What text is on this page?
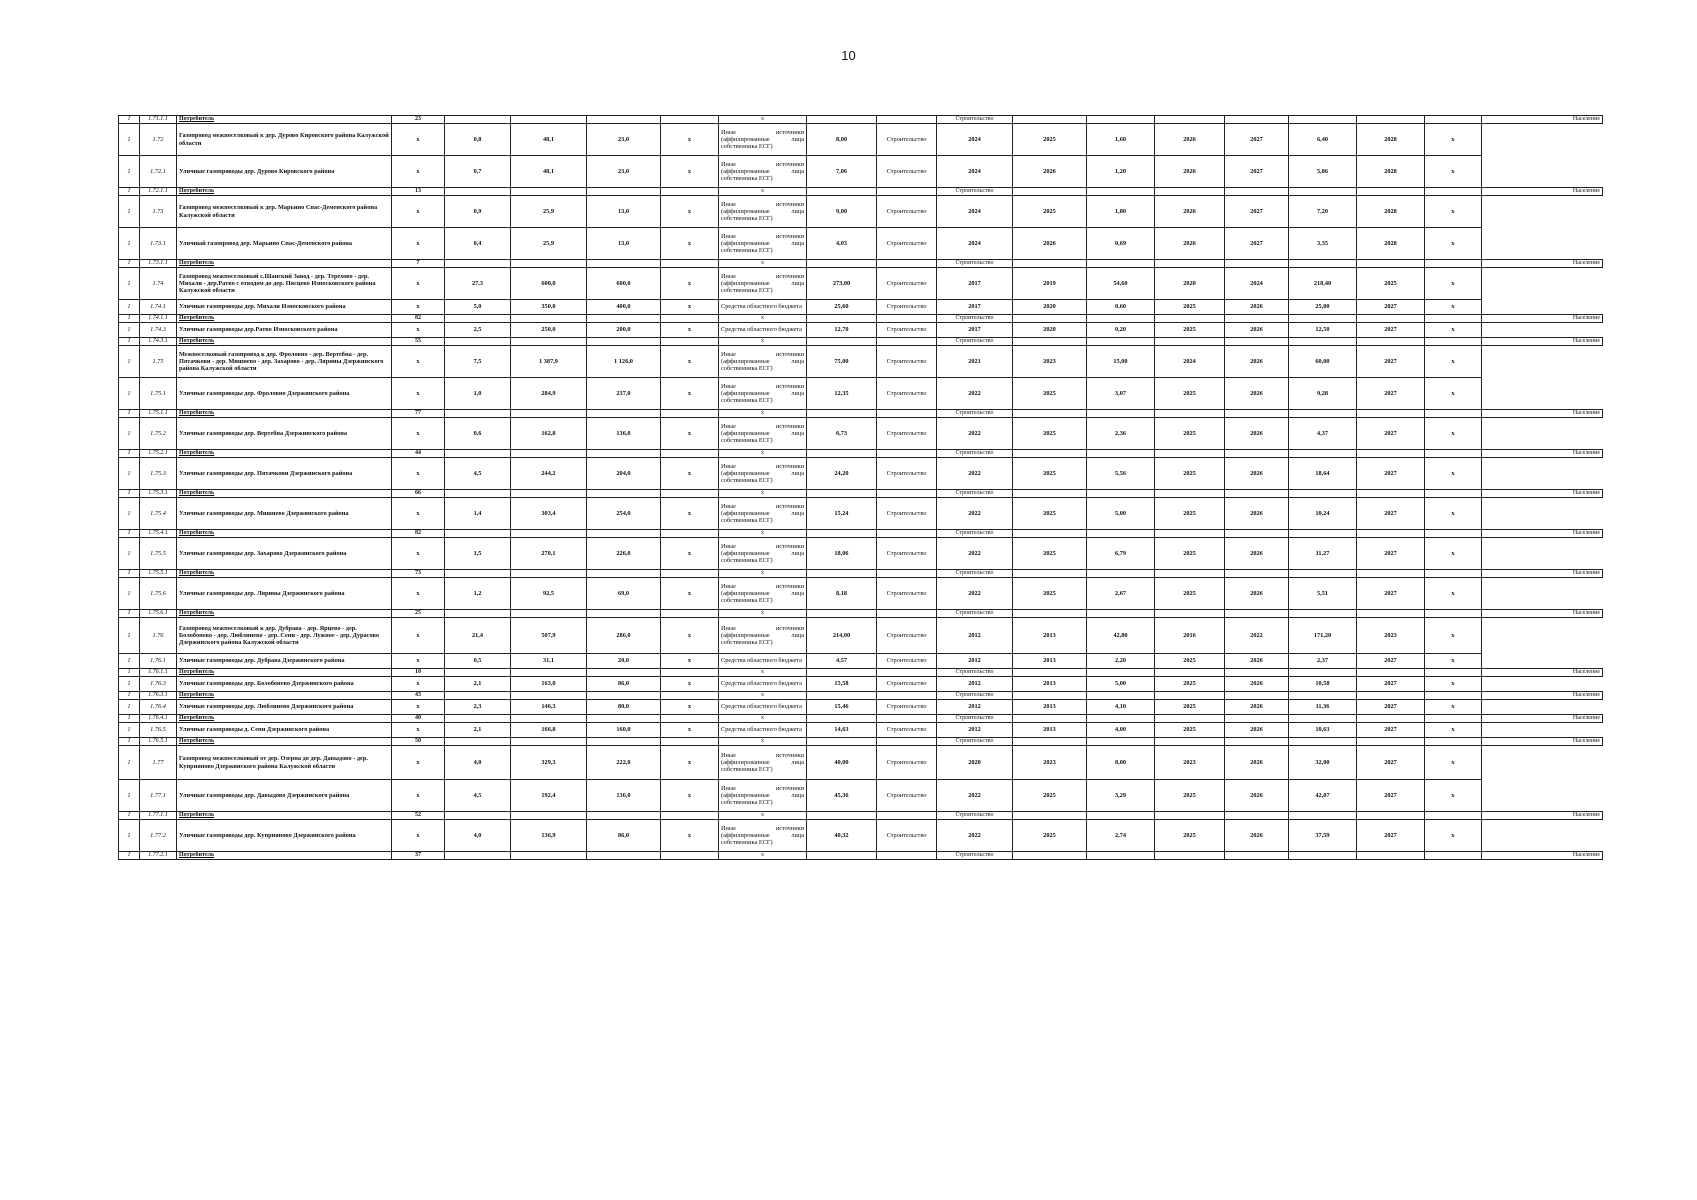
10
1	1.71.1.1	Потребитель	23					x			Строительство								Население
1	1.72	Газопровод межпоселковый к дер. Дурово Кировского района Калужской области	x	0,8	48,1	23,0	x	Иные источники (аффилированные лица собственника ЕСГ)	8,00	Строительство	2024	2025	1,60	2026	2027	6,40	2028	x	
1	1.72.1	Уличные газопроводы дер. Дурово Кировского района	x	0,7	48,1	23,0	x	Иные источники (аффилированные лица собственника ЕСГ)	7,06	Строительство	2024	2026	1,20	2026	2027	5,86	2028	x	
1	1.72.1.1	Потребитель	13					x			Строительство								Население
1	1.73	Газопровод межпоселковый к дер. Марьино Спас-Деменского района Калужской области	x	0,9	25,9	13,0	x	Иные источники (аффилированные лица собственника ЕСГ)	9,00	Строительство	2024	2025	1,80	2026	2027	7,20	2028	x	
1	1.73.1	Уличный газопровод дер. Марьино Спас-Деменского района	x	0,4	25,9	13,0	x	Иные источники (аффилированные лица собственника ЕСГ)	4,03	Строительство	2024	2026	0,69	2026	2027	3,35	2028	x	
1	1.73.1.1	Потребитель	7					x			Строительство								Население
1	1.74	Газопровод межпоселковый с.Шанский Завод - дер. Терехово - дер. Михали - дер.Ратво с отводом до дер. Пясцево Износковского района Калужской области	x	27,3	600,0	600,0	x	Иные источники (аффилированные лица собственника ЕСГ)	273,00	Строительство	2017	2019	54,60	2020	2024	218,40	2025	x	
1	1.74.1	Уличные газопроводы дер. Михали Износковского района	x	5,0	350,0	400,0	x	Средства областного бюджета	25,60	Строительство	2017	2020	0,60	2025	2026	25,00	2027	x	
1	1.74.1.1	Потребитель	82					x			Строительство								Население
1	1.74.3	Уличные газопроводы дер.Ратво Износковского района	x	2,5	250,0	200,0	x	Средства областного бюджета	12,70	Строительство	2017	2020	0,20	2025	2026	12,50	2027	x	
1	1.74.3.1	Потребитель	55					x			Строительство								Население
1	1.75	Межпоселковый газопровод к дер. Фроловно - дер. Вертебна - дер. Пятачкови - дер. Мишнево - дер. Захарово - дер. Лярины Дзержинского района Калужской области	x	7,5	1 387,9	1 126,0	x	Иные источники (аффилированные лица собственника ЕСГ)	75,00	Строительство	2021	2023	15,00	2024	2026	60,00	2027	x	
1	1.75.1	Уличные газопроводы дер. Фроловно Дзержинского района	x	1,0	284,9	237,0	x	Иные источники (аффилированные лица собственника ЕСГ)	12,35	Строительство	2022	2025	3,07	2025	2026	9,28	2027	x	
1	1.75.1.1	Потребитель	77					x			Строительство								Население
1	1.75.2	Уличные газопроводы дер. Вертебна Дзержинского района	x	0,6	162,8	136,0	x	Иные источники (аффилированные лица собственника ЕСГ)	6,73	Строительство	2022	2025	2,36	2025	2026	4,37	2027	x	
1	1.75.2.1	Потребитель	44					x			Строительство								Население
1	1.75.3	Уличные газопроводы дер. Пятачкови Дзержинского района	x	4,5	244,2	204,0	x	Иные источники (аффилированные лица собственника ЕСГ)	24,20	Строительство	2022	2025	5,56	2025	2026	18,64	2027	x	
1	1.75.3.1	Потребитель	66					x			Строительство								Население
1	1.75.4	Уличные газопроводы дер. Мишнево Дзержинского района	x	1,4	303,4	254,0	x	Иные источники (аффилированные лица собственника ЕСГ)	15,24	Строительство	2022	2025	5,00	2025	2026	10,24	2027	x	
1	1.75.4.1	Потребитель	82					x			Строительство								Население
1	1.75.5	Уличные газопроводы дер. Захарово Дзержинского района	x	1,5	270,1	226,0	x	Иные источники (аффилированные лица собственника ЕСГ)	18,06	Строительство	2022	2025	6,79	2025	2026	11,27	2027	x	
1	1.75.5.1	Потребитель	73					x			Строительство								Население
1	1.75.6	Уличные газопроводы дер. Лярины Дзержинского района	x	1,2	92,5	69,0	x	Иные источники (аффилированные лица собственника ЕСГ)	8,18	Строительство	2022	2025	2,67	2025	2026	5,51	2027	x	
1	1.75.6.1	Потребитель	25					x			Строительство								Население
1	1.76	Газопровод межпоселковый к дер. Дубрава - дер. Ярцево - дер. Болобонево - дер. Люблинево - дер. Сени - дер. Лужное - дер. Дурасово Дзержинского района Калужской области	x	21,4	507,9	286,0	x	Иные источники (аффилированные лица собственника ЕСГ)	214,00	Строительство	2012	2013	42,80	2016	2022	171,20	2023	x	
1	1.76.1	Уличные газопроводы дер. Дубрава Дзержинского района	x	0,5	31,1	20,0	x	Средства областного бюджета	4,57	Строительство	2012	2013	2,20	2025	2026	2,37	2027	x	
1	1.76.1.1	Потребитель	10					x			Строительство								Население
1	1.76.3	Уличные газопроводы дер. Болобонево Дзержинского района	x	2,1	163,0	86,0	x	Средства областного бюджета	15,58	Строительство	2012	2013	5,00	2025	2026	10,58	2027	x	
1	1.76.3.1	Потребитель	43					x			Строительство								Население
1	1.76.4	Уличные газопроводы дер. Люблинево Дзержинского района	x	2,3	146,3	80,0	x	Средства областного бюджета	15,46	Строительство	2012	2013	4,10	2025	2026	11,36	2027	x	
1	1.76.4.1	Потребитель	40					x			Строительство								Население
1	1.76.5	Уличные газопроводы д. Сени Дзержинского района	x	2,1	166,8	160,0	x	Средства областного бюджета	14,63	Строительство	2012	2013	4,00	2025	2026	10,63	2027	x	
1	1.76.5.1	Потребитель	50					x			Строительство								Население
1	1.77	Газопровод межпоселковый от дер. Озерна до дер. Давыдово - дер. Куприяново Дзержинского района Калужской области	x	4,0	329,3	222,0	x	Иные источники (аффилированные лица собственника ЕСГ)	40,00	Строительство	2020	2023	8,00	2023	2026	32,00	2027	x	
1	1.77.1	Уличные газопроводы дер. Давыдово Дзержинского района	x	4,5	192,4	136,0	x	Иные источники (аффилированные лица собственника ЕСГ)	45,36	Строительство	2022	2025	3,29	2025	2026	42,07	2027	x	
1	1.77.1.1	Потребитель	52					x			Строительство								Население
1	1.77.2	Уличные газопроводы дер. Куприяново Дзержинского района	x	4,0	136,9	86,0	x	Иные источники (аффилированные лица собственника ЕСГ)	40,32	Строительство	2022	2025	2,74	2025	2026	37,59	2027	x	
1	1.77.2.1	Потребитель	37					x			Строительство								Население
